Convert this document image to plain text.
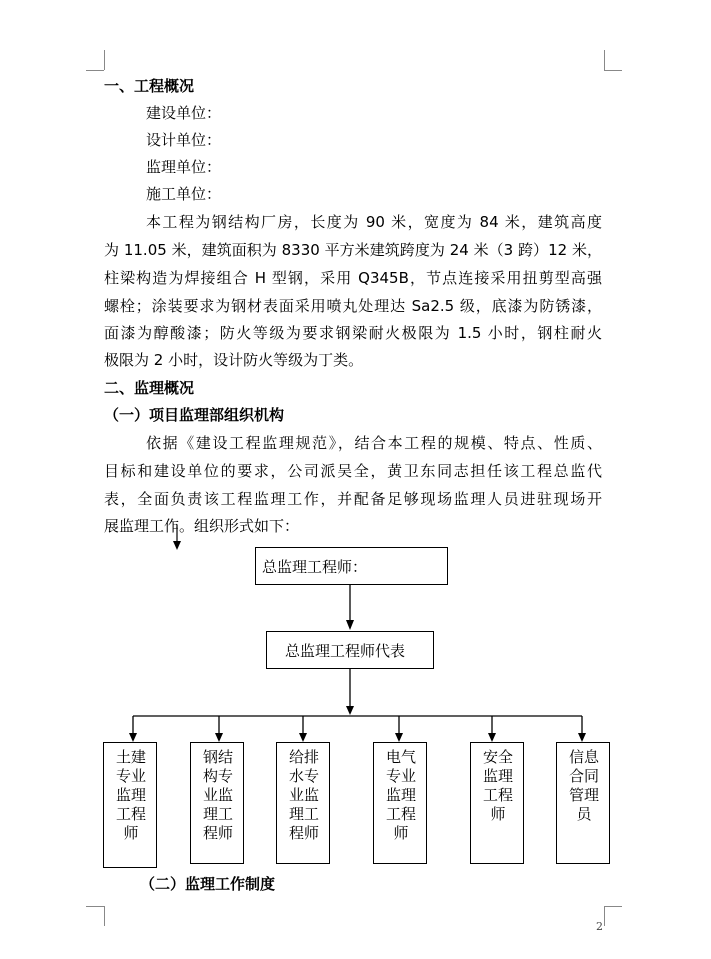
一、工程概况
建设单位：
设计单位：
监理单位：
施工单位：
本工程为钢结构厂房，长度为 90 米，宽度为 84 米，建筑高度
为 11.05 米，建筑面积为 8330 平方米建筑跨度为 24 米（3 跨）12 米，
柱梁构造为焊接组合 H 型钢，采用 Q345B，节点连接采用扭剪型高强
螺栓；涂装要求为钢材表面采用喷丸处理达 Sa2.5 级，底漆为防锈漆，
面漆为醇酸漆；防火等级为要求钢梁耐火极限为 1.5 小时，钢柱耐火
极限为 2 小时，设计防火等级为丁类。
二、监理概况
（一）项目监理部组织机构
依据《建设工程监理规范》，结合本工程的规模、特点、性质、
目标和建设单位的要求，公司派吴全，黄卫东同志担任该工程总监代
表，全面负责该工程监理工作，并配备足够现场监理人员进驻现场开
展监理工作。组织形式如下：
总监理工程师：
总监理工程师代表
土建专业监理工程师
钢结构专业监理工程师
给排水专业监理工程师
电气专业监理工程师
安全监理工程师
信息合同管理员
（二）监理工作制度
2
